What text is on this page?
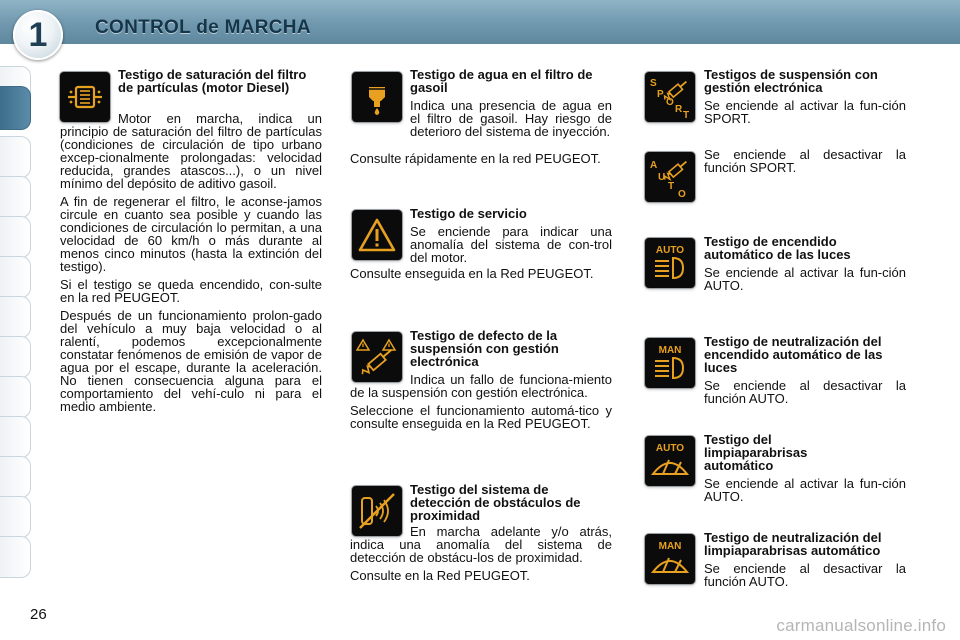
1	CONTROL de MARCHA
Testigo de saturación del filtro de partículas (motor Diesel)
Motor en marcha, indica un principio de saturación del filtro de partículas (condiciones de circulación de tipo urbano excep-cionalmente prolongadas: velocidad reducida, grandes atascos...), o un nivel mínimo del depósito de aditivo gasoil.
A fin de regenerar el filtro, le aconse-jamos circule en cuanto sea posible y cuando las condiciones de circulación lo permitan, a una velocidad de 60 km/h o más durante al menos cinco minutos (hasta la extinción del testigo).
Si el testigo se queda encendido, con-sulte en la red PEUGEOT.
Después de un funcionamiento prolon-gado del vehículo a muy baja velocidad o al ralentí, podemos excepcionalmente constatar fenómenos de emisión de vapor de agua por el escape, durante la aceleración. No tienen consecuencia alguna para el comportamiento del vehí-culo ni para el medio ambiente.
Testigo de agua en el filtro de gasoil
Indica una presencia de agua en el filtro de gasoil. Hay riesgo de deterioro del sistema de inyección.
Consulte rápidamente en la red PEUGEOT.
Testigo de servicio
Se enciende para indicar una anomalía del sistema de con-trol del motor.
Consulte enseguida en la Red PEUGEOT.
Testigo de defecto de la suspensión con gestión electrónica
Indica un fallo de funciona-miento de la suspensión con gestión electrónica.
Seleccione el funcionamiento automá-tico y consulte enseguida en la Red PEUGEOT.
Testigo del sistema de detección de obstáculos de proximidad
En marcha adelante y/o atrás, indica una anomalía del sistema de detección de obstácu-los de proximidad.
Consulte en la Red PEUGEOT.
S
P
O
R
T
Testigos de suspensión con gestión electrónica
Se enciende al activar la fun-ción SPORT.
A
U
T
O
Se enciende al desactivar la función SPORT.
AUTO
Testigo de encendido automático de las luces
Se enciende al activar la fun-ción AUTO.
MAN
Testigo de neutralización del encendido automático de las luces
Se enciende al desactivar la función AUTO.
AUTO
Testigo del limpiaparabrisas automático
Se enciende al activar la fun-ción AUTO.
MAN
Testigo de neutralización del limpiaparabrisas automático
Se enciende al desactivar la función AUTO.
26
carmanualsonline.info
